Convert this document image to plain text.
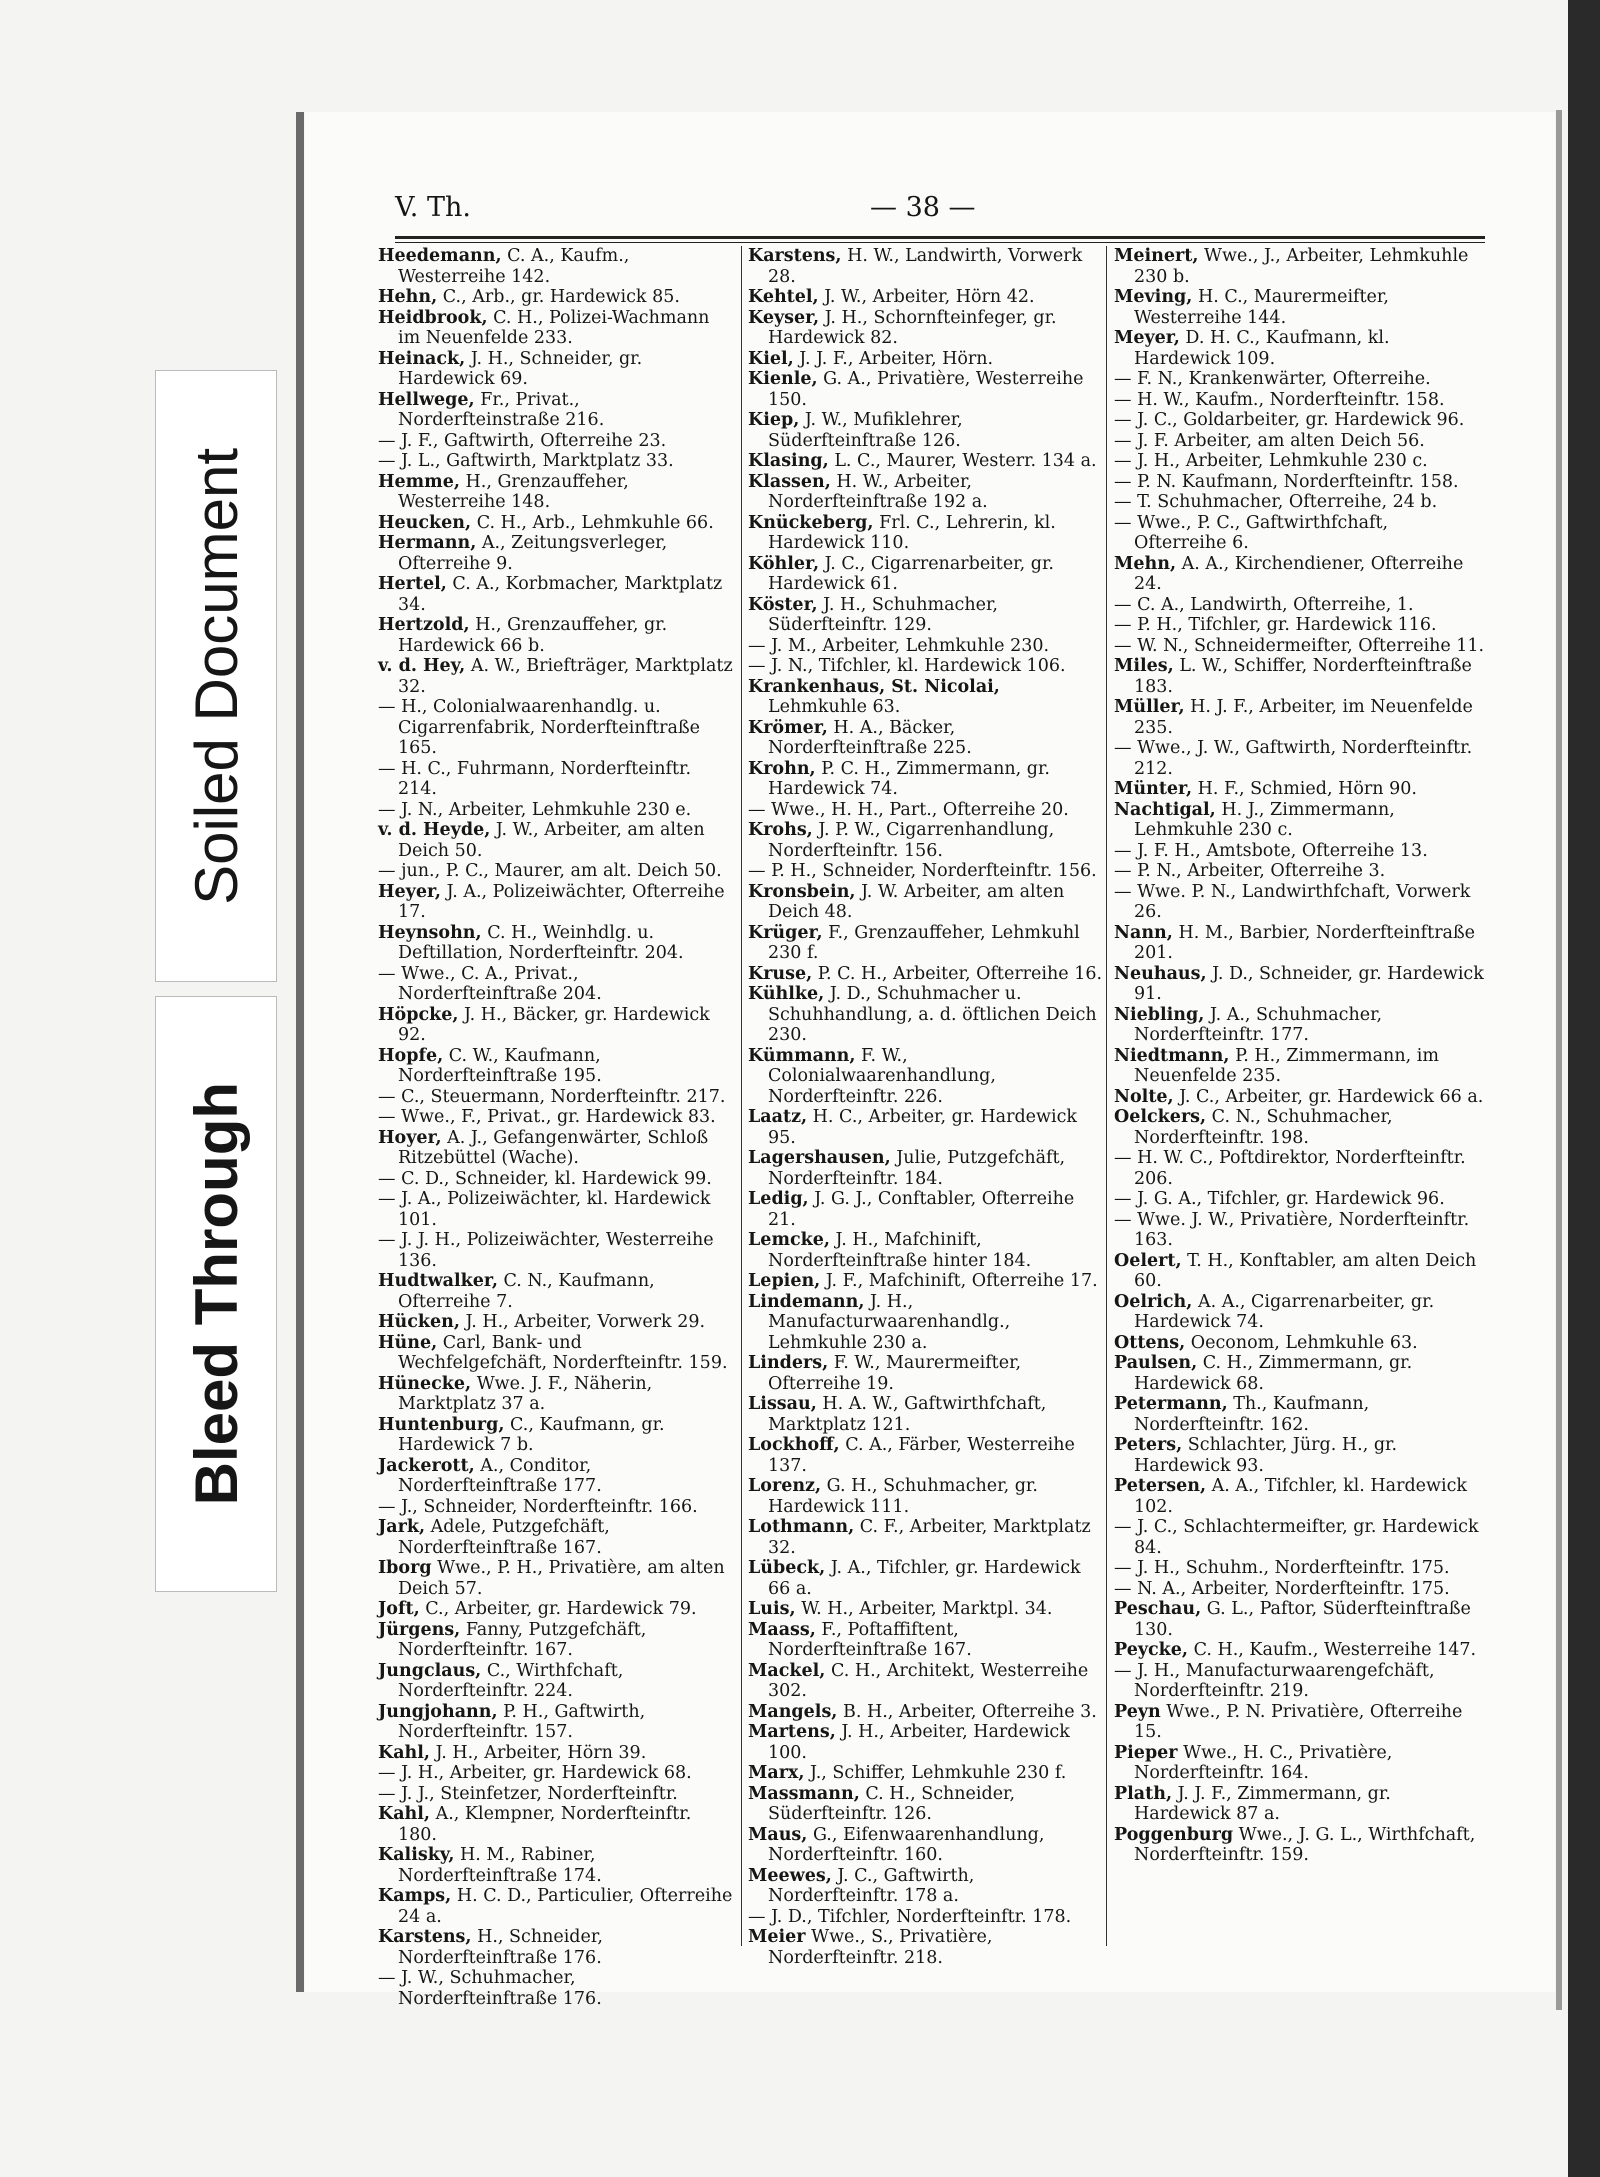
Soiled Document
Bleed Through
V. Th.	— 38 —

Heedemann, C. A., Kaufm., Westerreihe 142.

Hehn, C., Arb., gr. Hardewick 85.

Heidbrook, C. H., Polizei-Wachmann im Neuenfelde 233.

Heinack, J. H., Schneider, gr. Hardewick 69.

Hellwege, Fr., Privat., Norderfteinstraße 216.

— J. F., Gaftwirth, Ofterreihe 23.

— J. L., Gaftwirth, Marktplatz 33.

Hemme, H., Grenzauffeher, Westerreihe 148.

Heucken, C. H., Arb., Lehmkuhle 66.

Hermann, A., Zeitungsverleger, Ofterreihe 9.

Hertel, C. A., Korbmacher, Marktplatz 34.

Hertzold, H., Grenzauffeher, gr. Hardewick 66 b.

v. d. Hey, A. W., Briefträger, Marktplatz 32.

— H., Colonialwaarenhandlg. u. Cigarrenfabrik, Norderfteinftraße 165.

— H. C., Fuhrmann, Norderfteinftr. 214.

— J. N., Arbeiter, Lehmkuhle 230 e.

v. d. Heyde, J. W., Arbeiter, am alten Deich 50.

— jun., P. C., Maurer, am alt. Deich 50.

Heyer, J. A., Polizeiwächter, Ofterreihe 17.

Heynsohn, C. H., Weinhdlg. u. Deftillation, Norderfteinftr. 204.

— Wwe., C. A., Privat., Norderfteinftraße 204.

Höpcke, J. H., Bäcker, gr. Hardewick 92.

Hopfe, C. W., Kaufmann, Norderfteinftraße 195.

— C., Steuermann, Norderfteinftr. 217.

— Wwe., F., Privat., gr. Hardewick 83.

Hoyer, A. J., Gefangenwärter, Schloß Ritzebüttel (Wache).

— C. D., Schneider, kl. Hardewick 99.

— J. A., Polizeiwächter, kl. Hardewick 101.

— J. J. H., Polizeiwächter, Westerreihe 136.

Hudtwalker, C. N., Kaufmann, Ofterreihe 7.

Hücken, J. H., Arbeiter, Vorwerk 29.

Hüne, Carl, Bank- und Wechfelgefchäft, Norderfteinftr. 159.

Hünecke, Wwe. J. F., Näherin, Marktplatz 37 a.

Huntenburg, C., Kaufmann, gr. Hardewick 7 b.

Jackerott, A., Conditor, Norderfteinftraße 177.

— J., Schneider, Norderfteinftr. 166.

Jark, Adele, Putzgefchäft, Norderfteinftraße 167.

Iborg Wwe., P. H., Privatière, am alten Deich 57.

Joft, C., Arbeiter, gr. Hardewick 79.

Jürgens, Fanny, Putzgefchäft, Norderfteinftr. 167.

Jungclaus, C., Wirthfchaft, Norderfteinftr. 224.

Jungjohann, P. H., Gaftwirth, Norderfteinftr. 157.

Kahl, J. H., Arbeiter, Hörn 39.

— J. H., Arbeiter, gr. Hardewick 68.

— J. J., Steinfetzer, Norderfteinftr.

Kahl, A., Klempner, Norderfteinftr. 180.

Kalisky, H. M., Rabiner, Norderfteinftraße 174.

Kamps, H. C. D., Particulier, Ofterreihe 24 a.

Karstens, H., Schneider, Norderfteinftraße 176.

— J. W., Schuhmacher, Norderfteinftraße 176.

Karstens, H. W., Landwirth, Vorwerk 28.

Kehtel, J. W., Arbeiter, Hörn 42.

Keyser, J. H., Schornfteinfeger, gr. Hardewick 82.

Kiel, J. J. F., Arbeiter, Hörn.

Kienle, G. A., Privatière, Westerreihe 150.

Kiep, J. W., Mufiklehrer, Süderfteinftraße 126.

Klasing, L. C., Maurer, Westerr. 134 a.

Klassen, H. W., Arbeiter, Norderfteinftraße 192 a.

Knückeberg, Frl. C., Lehrerin, kl. Hardewick 110.

Köhler, J. C., Cigarrenarbeiter, gr. Hardewick 61.

Köster, J. H., Schuhmacher, Süderfteinftr. 129.

— J. M., Arbeiter, Lehmkuhle 230.

— J. N., Tifchler, kl. Hardewick 106.

Krankenhaus, St. Nicolai, Lehmkuhle 63.

Krömer, H. A., Bäcker, Norderfteinftraße 225.

Krohn, P. C. H., Zimmermann, gr. Hardewick 74.

— Wwe., H. H., Part., Ofterreihe 20.

Krohs, J. P. W., Cigarrenhandlung, Norderfteinftr. 156.

— P. H., Schneider, Norderfteinftr. 156.

Kronsbein, J. W. Arbeiter, am alten Deich 48.

Krüger, F., Grenzauffeher, Lehmkuhl 230 f.

Kruse, P. C. H., Arbeiter, Ofterreihe 16.

Kühlke, J. D., Schuhmacher u. Schuhhandlung, a. d. öftlichen Deich 230.

Kümmann, F. W., Colonialwaarenhandlung, Norderfteinftr. 226.

Laatz, H. C., Arbeiter, gr. Hardewick 95.

Lagershausen, Julie, Putzgefchäft, Norderfteinftr. 184.

Ledig, J. G. J., Conftabler, Ofterreihe 21.

Lemcke, J. H., Mafchinift, Norderfteinftraße hinter 184.

Lepien, J. F., Mafchinift, Ofterreihe 17.

Lindemann, J. H., Manufacturwaarenhandlg., Lehmkuhle 230 a.

Linders, F. W., Maurermeifter, Ofterreihe 19.

Lissau, H. A. W., Gaftwirthfchaft, Marktplatz 121.

Lockhoff, C. A., Färber, Westerreihe 137.

Lorenz, G. H., Schuhmacher, gr. Hardewick 111.

Lothmann, C. F., Arbeiter, Marktplatz 32.

Lübeck, J. A., Tifchler, gr. Hardewick 66 a.

Luis, W. H., Arbeiter, Marktpl. 34.

Maass, F., Poftaffiftent, Norderfteinftraße 167.

Mackel, C. H., Architekt, Westerreihe 302.

Mangels, B. H., Arbeiter, Ofterreihe 3.

Martens, J. H., Arbeiter, Hardewick 100.

Marx, J., Schiffer, Lehmkuhle 230 f.

Massmann, C. H., Schneider, Süderfteinftr. 126.

Maus, G., Eifenwaarenhandlung, Norderfteinftr. 160.

Meewes, J. C., Gaftwirth, Norderfteinftr. 178 a.

— J. D., Tifchler, Norderfteinftr. 178.

Meier Wwe., S., Privatière, Norderfteinftr. 218.

Meinert, Wwe., J., Arbeiter, Lehmkuhle 230 b.

Meving, H. C., Maurermeifter, Westerreihe 144.

Meyer, D. H. C., Kaufmann, kl. Hardewick 109.

— F. N., Krankenwärter, Ofterreihe.

— H. W., Kaufm., Norderfteinftr. 158.

— J. C., Goldarbeiter, gr. Hardewick 96.

— J. F. Arbeiter, am alten Deich 56.

— J. H., Arbeiter, Lehmkuhle 230 c.

— P. N. Kaufmann, Norderfteinftr. 158.

— T. Schuhmacher, Ofterreihe, 24 b.

— Wwe., P. C., Gaftwirthfchaft, Ofterreihe 6.

Mehn, A. A., Kirchendiener, Ofterreihe 24.

— C. A., Landwirth, Ofterreihe, 1.

— P. H., Tifchler, gr. Hardewick 116.

— W. N., Schneidermeifter, Ofterreihe 11.

Miles, L. W., Schiffer, Norderfteinftraße 183.

Müller, H. J. F., Arbeiter, im Neuenfelde 235.

— Wwe., J. W., Gaftwirth, Norderfteinftr. 212.

Münter, H. F., Schmied, Hörn 90.

Nachtigal, H. J., Zimmermann, Lehmkuhle 230 c.

— J. F. H., Amtsbote, Ofterreihe 13.

— P. N., Arbeiter, Ofterreihe 3.

— Wwe. P. N., Landwirthfchaft, Vorwerk 26.

Nann, H. M., Barbier, Norderfteinftraße 201.

Neuhaus, J. D., Schneider, gr. Hardewick 91.

Niebling, J. A., Schuhmacher, Norderfteinftr. 177.

Niedtmann, P. H., Zimmermann, im Neuenfelde 235.

Nolte, J. C., Arbeiter, gr. Hardewick 66 a.

Oelckers, C. N., Schuhmacher, Norderfteinftr. 198.

— H. W. C., Poftdirektor, Norderfteinftr. 206.

— J. G. A., Tifchler, gr. Hardewick 96.

— Wwe. J. W., Privatière, Norderfteinftr. 163.

Oelert, T. H., Konftabler, am alten Deich 60.

Oelrich, A. A., Cigarrenarbeiter, gr. Hardewick 74.

Ottens, Oeconom, Lehmkuhle 63.

Paulsen, C. H., Zimmermann, gr. Hardewick 68.

Petermann, Th., Kaufmann, Norderfteinftr. 162.

Peters, Schlachter, Jürg. H., gr. Hardewick 93.

Petersen, A. A., Tifchler, kl. Hardewick 102.

— J. C., Schlachtermeifter, gr. Hardewick 84.

— J. H., Schuhm., Norderfteinftr. 175.

— N. A., Arbeiter, Norderfteinftr. 175.

Peschau, G. L., Paftor, Süderfteinftraße 130.

Peycke, C. H., Kaufm., Westerreihe 147.

— J. H., Manufacturwaarengefchäft, Norderfteinftr. 219.

Peyn Wwe., P. N. Privatière, Ofterreihe 15.

Pieper Wwe., H. C., Privatière, Norderfteinftr. 164.

Plath, J. J. F., Zimmermann, gr. Hardewick 87 a.

Poggenburg Wwe., J. G. L., Wirthfchaft, Norderfteinftr. 159.
